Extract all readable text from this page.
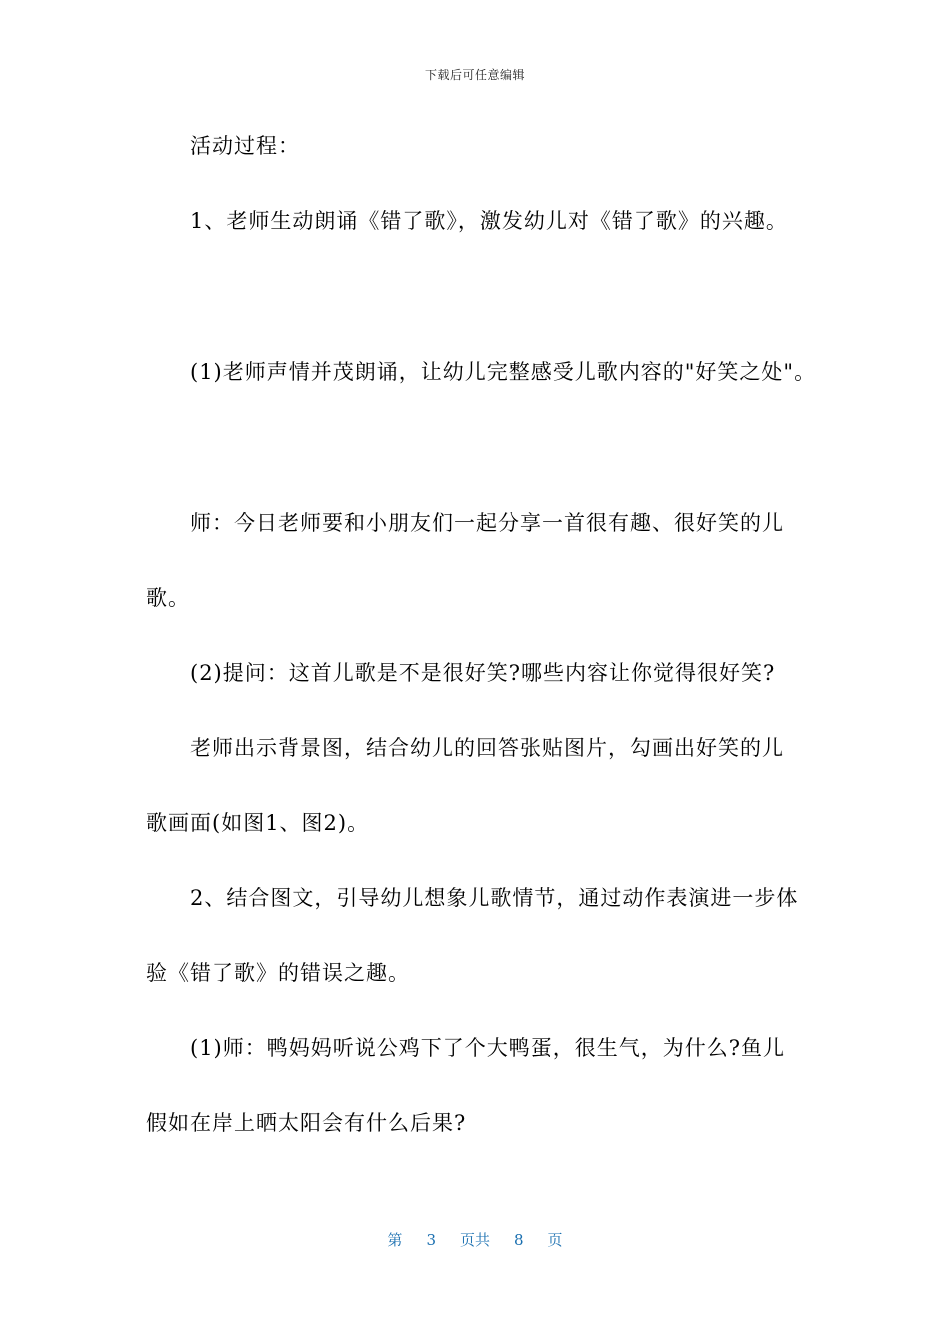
下载后可任意编辑
　　活动过程：
　　1、老师生动朗诵《错了歌》，激发幼儿对《错了歌》的兴趣。
　　(1)老师声情并茂朗诵，让幼儿完整感受儿歌内容的"好笑之处"。
　　师：今日老师要和小朋友们一起分享一首很有趣、很好笑的儿
歌。
　　(2)提问：这首儿歌是不是很好笑?哪些内容让你觉得很好笑?
　　老师出示背景图，结合幼儿的回答张贴图片，勾画出好笑的儿
歌画面(如图1、图2)。
　　2、结合图文，引导幼儿想象儿歌情节，通过动作表演进一步体
验《错了歌》的错误之趣。
　　(1)师：鸭妈妈听说公鸡下了个大鸭蛋，很生气，为什么?鱼儿
假如在岸上晒太阳会有什么后果?
第 3 页共 8 页
